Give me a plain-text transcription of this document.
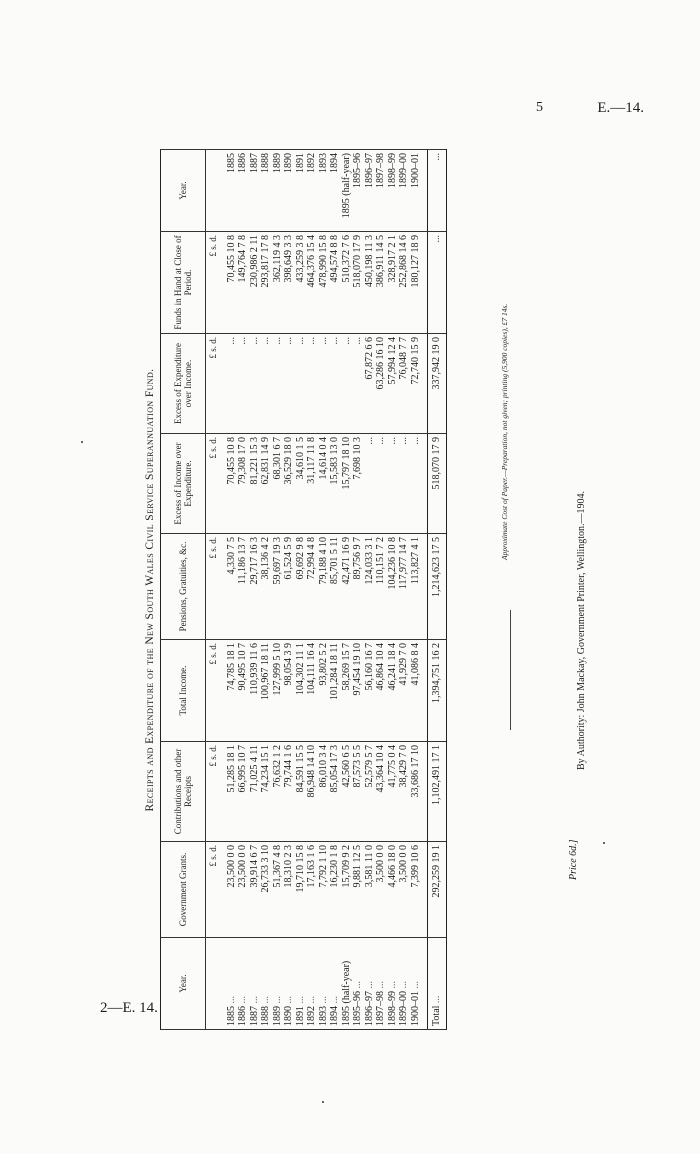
5	E.—14.
2—E. 14.
Receipts and Expenditure of the New South Wales Civil Service Superannuation Fund.
Year.	Government Grants.	Contributions and other Receipts	Total Income.	Pensions, Gratuities, &c.	Excess of Income over Expenditure.	Excess of Expenditure over Income.	Funds in Hand at Close of Period.	Year.
	£ s. d.	£ s. d.	£ s. d.	£ s. d.	£ s. d.	£ s. d.	£ s. d.	
1885 ...	23,500 0 0	51,285 18 1	74,785 18 1	4,330 7 5	70,455 10 8	...	70,455 10 8	1885
1886 ...	23,500 0 0	66,995 10 7	90,495 10 7	11,186 13 7	79,308 17 0	...	149,764 7 8	1886
1887 ...	39,914 6 7	71,025 4 11	110,939 11 6	29,717 16 3	81,221 15 3	...	230,986 2 11	1887
1888 ...	26,733 3 10	74,234 15 1	100,967 18 11	38,136 4 2	62,831 14 9	...	293,817 17 8	1888
1889 ...	51,367 4 8	76,632 1 2	127,999 5 10	59,697 19 3	68,301 6 7	...	362,119 4 3	1889
1890 ...	18,310 2 3	79,744 1 6	98,054 3 9	61,524 5 9	36,529 18 0	...	398,649 3 3	1890
1891 ...	19,710 15 8	84,591 15 5	104,302 11 1	69,692 9 8	34,610 1 5	...	433,259 3 8	1891
1892 ...	17,163 1 6	86,948 14 10	104,111 16 4	72,994 4 8	31,117 11 8	...	464,376 15 4	1892
1893 ...	7,792 1 10	86,010 3 4	93,802 5 2	79,188 4 10	14,614 0 4	...	478,990 15 8	1893
1894 ...	16,230 1 8	85,054 17 3	101,284 18 11	85,701 5 11	15,583 13 0	...	494,574 8 8	1894
1895 (half-year)	15,709 9 2	42,560 6 5	58,269 15 7	42,471 16 9	15,797 18 10	...	510,372 7 6	1895 (half-year)
1895–96 ...	9,881 12 5	87,573 5 5	97,454 19 10	89,756 9 7	7,698 10 3	...	518,070 17 9	1895–96
1896–97 ...	3,581 11 0	52,579 5 7	56,160 16 7	124,033 3 1	...	67,872 6 6	450,198 11 3	1896–97
1897–98 ...	3,500 0 0	43,364 10 4	46,864 10 4	110,151 7 2	...	63,286 16 10	386,911 14 5	1897–98
1898–99 ...	4,466 18 0	41,775 0 4	46,241 18 4	104,236 10 8	...	57,994 12 4	328,917 2 1	1898–99
1899–00 ...	3,500 0 0	38,429 7 0	41,929 7 0	117,977 14 7	...	76,048 7 7	252,868 14 6	1899–00
1900–01 ...	7,399 10 6	33,686 17 10	41,086 8 4	113,827 4 1	...	72,740 15 9	180,127 18 9	1900–01
Total ...	292,259 19 1	1,102,491 17 1	1,394,751 16 2	1,214,623 17 5	518,070 17 9	337,942 19 0	...	...
Approximate Cost of Paper.—Preparation, not given; printing (5,900 copies), £7 14s.
By Authority: John Mackay, Government Printer, Wellington.—1904.
Price 6d.]
